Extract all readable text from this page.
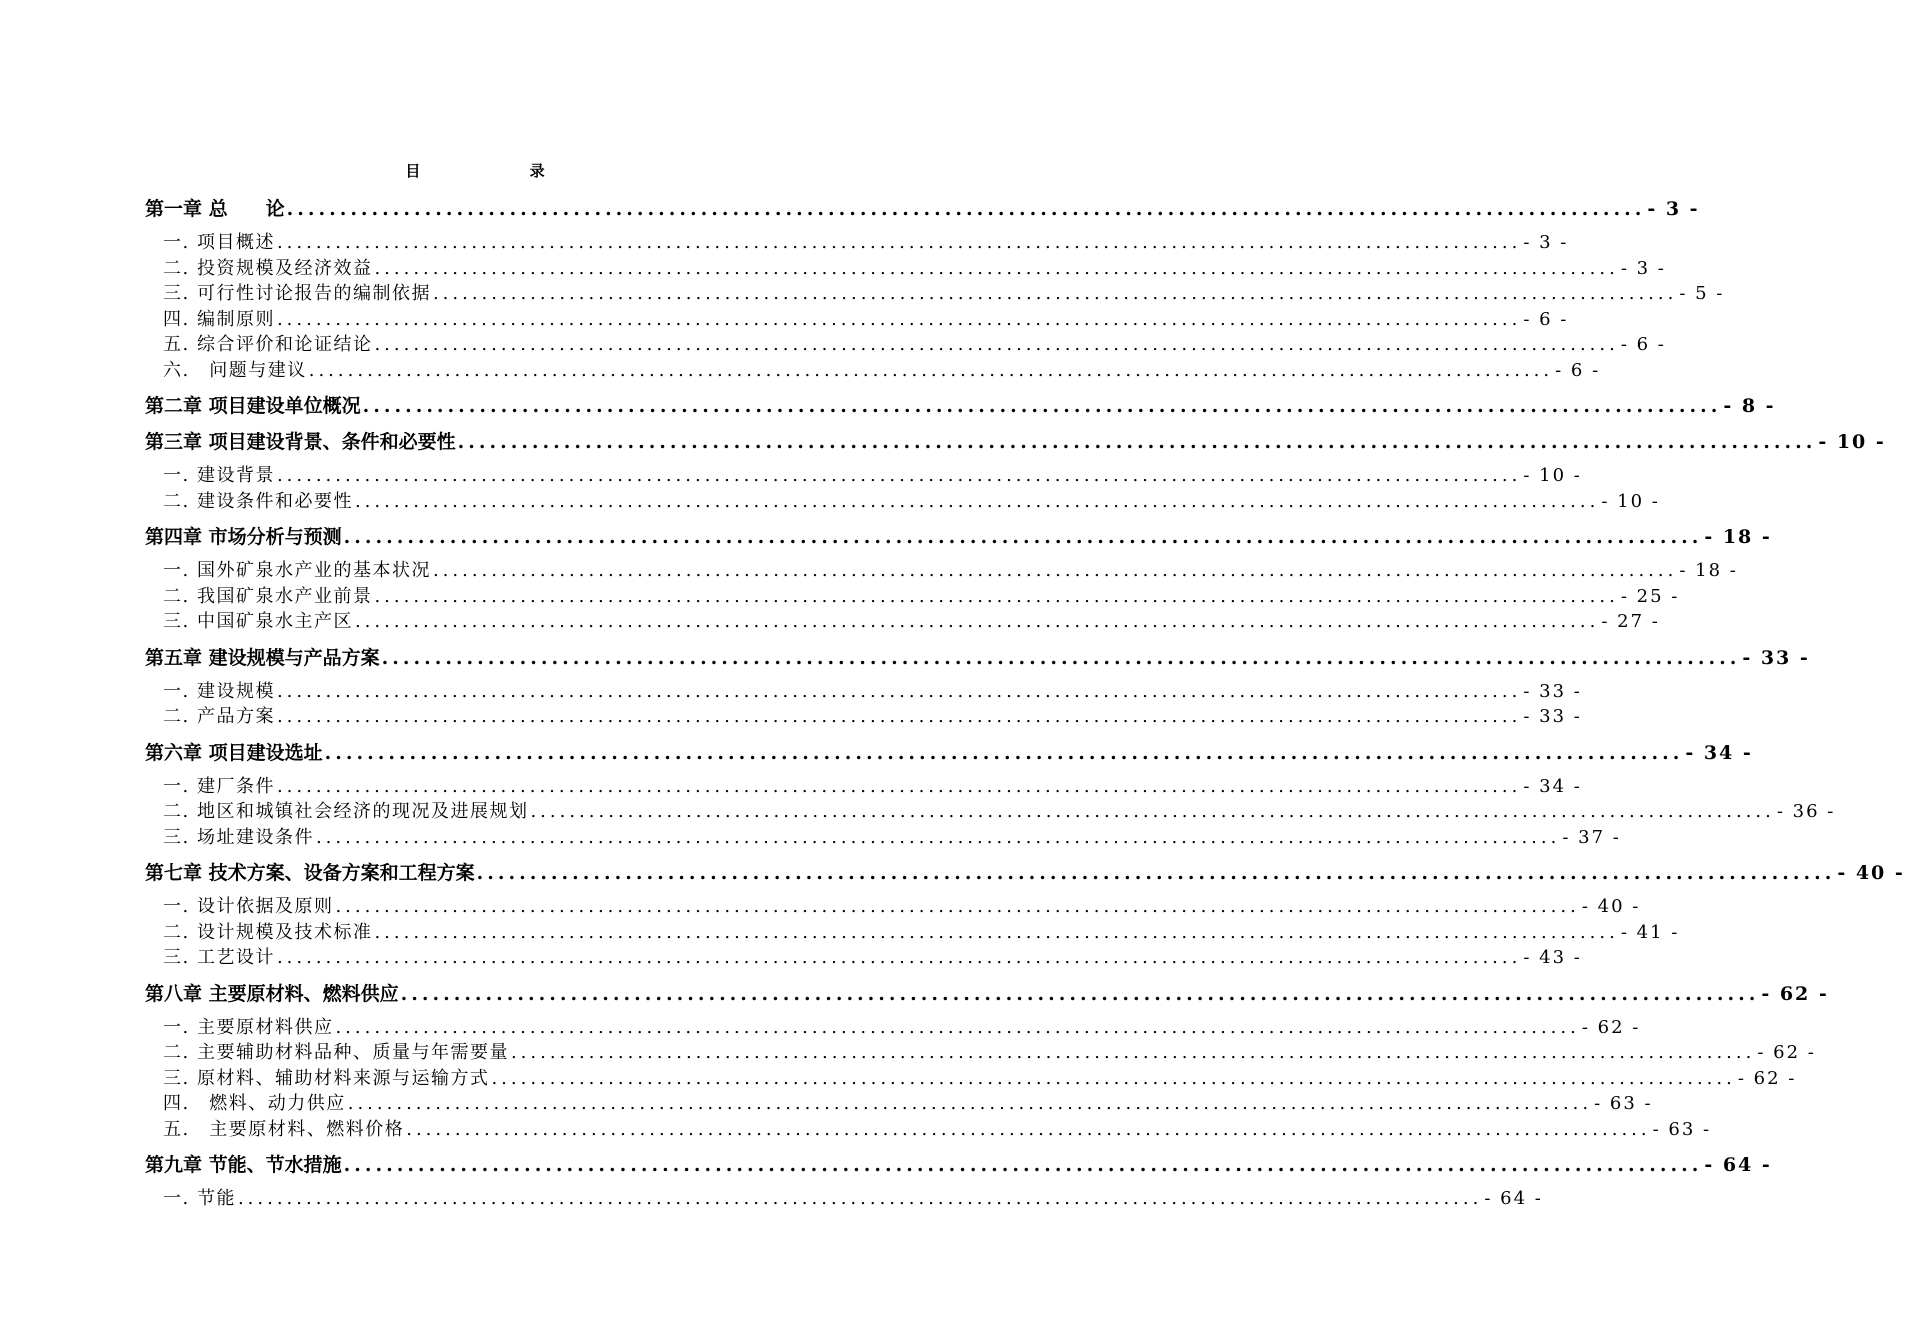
目 录
第一章 总　　论 ................................................................................................................................ - 3 -
一. 项目概述 ................................................................................................................................ - 3 -
二. 投资规模及经济效益 ................................................................................................................................ - 3 -
三. 可行性讨论报告的编制依据 ................................................................................................................................ - 5 -
四. 编制原则 ................................................................................................................................ - 6 -
五. 综合评价和论证结论 ................................................................................................................................ - 6 -
六.　问题与建议 ................................................................................................................................ - 6 -
第二章 项目建设单位概况 ................................................................................................................................ - 8 -
第三章 项目建设背景、条件和必要性 ................................................................................................................................ - 10 -
一. 建设背景 ................................................................................................................................ - 10 -
二. 建设条件和必要性 ................................................................................................................................ - 10 -
第四章 市场分析与预测 ................................................................................................................................ - 18 -
一. 国外矿泉水产业的基本状况 ................................................................................................................................ - 18 -
二. 我国矿泉水产业前景 ................................................................................................................................ - 25 -
三. 中国矿泉水主产区 ................................................................................................................................ - 27 -
第五章 建设规模与产品方案 ................................................................................................................................ - 33 -
一. 建设规模 ................................................................................................................................ - 33 -
二. 产品方案 ................................................................................................................................ - 33 -
第六章 项目建设选址 ................................................................................................................................ - 34 -
一. 建厂条件 ................................................................................................................................ - 34 -
二. 地区和城镇社会经济的现况及进展规划 ................................................................................................................................ - 36 -
三. 场址建设条件 ................................................................................................................................ - 37 -
第七章 技术方案、设备方案和工程方案 ................................................................................................................................ - 40 -
一. 设计依据及原则 ................................................................................................................................ - 40 -
二. 设计规模及技术标准 ................................................................................................................................ - 41 -
三. 工艺设计 ................................................................................................................................ - 43 -
第八章 主要原材料、燃料供应 ................................................................................................................................ - 62 -
一. 主要原材料供应 ................................................................................................................................ - 62 -
二. 主要辅助材料品种、质量与年需要量 ................................................................................................................................ - 62 -
三. 原材料、辅助材料来源与运输方式 ................................................................................................................................ - 62 -
四.　燃料、动力供应 ................................................................................................................................ - 63 -
五.　主要原材料、燃料价格 ................................................................................................................................ - 63 -
第九章 节能、节水措施 ................................................................................................................................ - 64 -
一. 节能 ................................................................................................................................ - 64 -
